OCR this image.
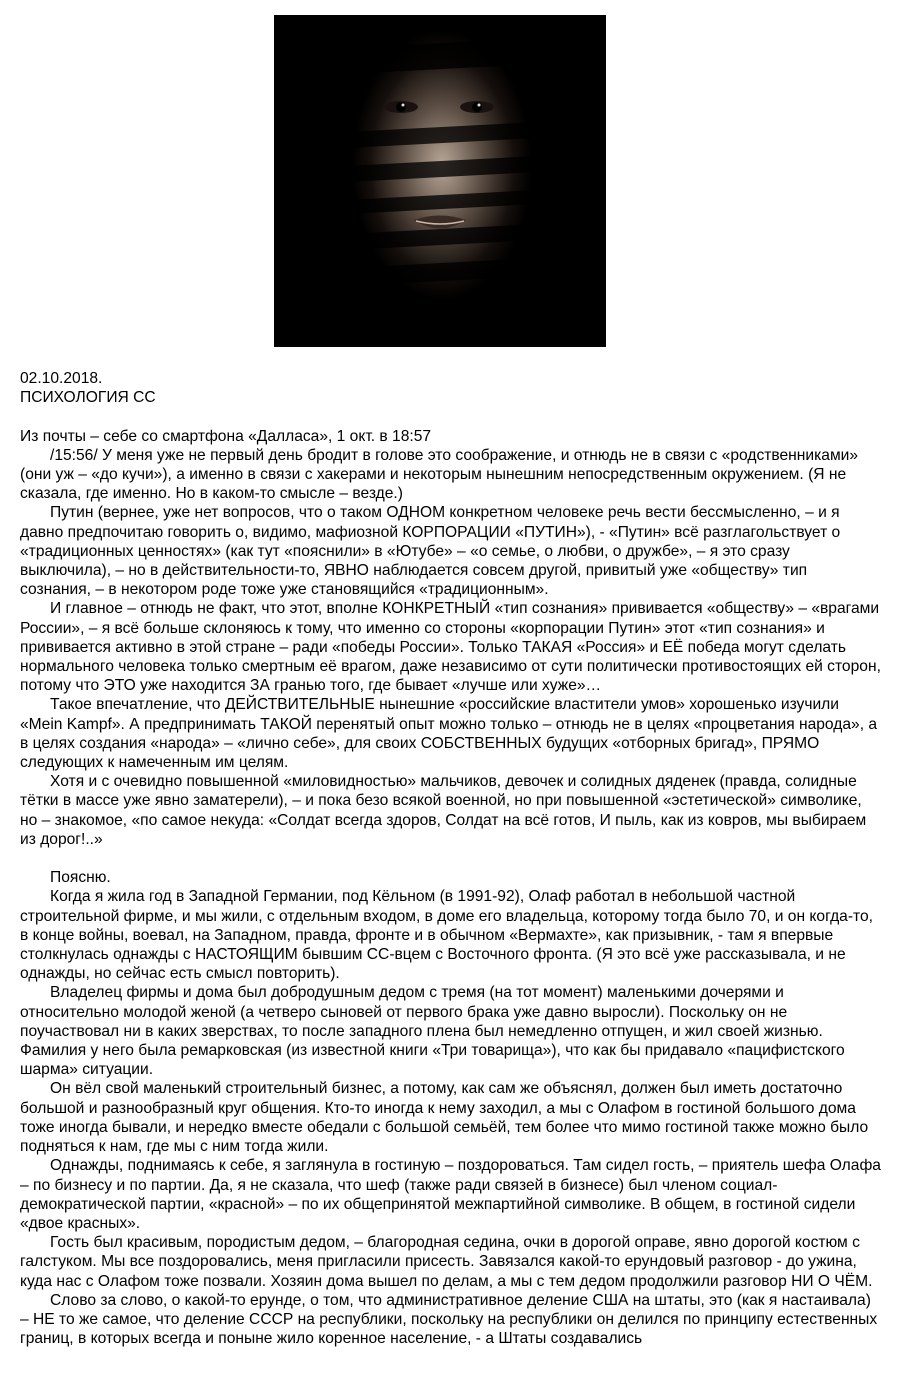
02.10.2018.

ПСИХОЛОГИЯ СС

Из почты – себе со смартфона «Далласа», 1 окт. в 18:57

/15:56/ У меня уже не первый день бродит в голове это соображение, и отнюдь не в связи с «родственниками» (они уж – «до кучи»), а именно в связи с хакерами и некоторым нынешним непосредственным окружением. (Я не сказала, где именно. Но в каком-то смысле – везде.)

Путин (вернее, уже нет вопросов, что о таком ОДНОМ конкретном человеке речь вести бессмысленно, – и я давно предпочитаю говорить о, видимо, мафиозной КОРПОРАЦИИ «ПУТИН»), - «Путин» всё разглагольствует о «традиционных ценностях» (как тут «пояснили» в «Ютубе» – «о семье, о любви, о дружбе», – я это сразу выключила), – но в действительности-то, ЯВНО наблюдается совсем другой, привитый уже «обществу» тип сознания, – в некотором роде тоже уже становящийся «традиционным».

И главное – отнюдь не факт, что этот, вполне КОНКРЕТНЫЙ «тип сознания» прививается «обществу» – «врагами России», – я всё больше склоняюсь к тому, что именно со стороны «корпорации Путин» этот «тип сознания» и прививается активно в этой стране – ради «победы России». Только ТАКАЯ «Россия» и ЕЁ победа могут сделать нормального человека только смертным её врагом, даже независимо от сути политически противостоящих ей сторон, потому что ЭТО уже находится ЗА гранью того, где бывает «лучше или хуже»…

Такое впечатление, что ДЕЙСТВИТЕЛЬНЫЕ нынешние «российские властители умов» хорошенько изучили «Mein Kampf». А предпринимать ТАКОЙ перенятый опыт можно только – отнюдь не в целях «процветания народа», а в целях создания «народа» – «лично себе», для своих СОБСТВЕННЫХ будущих «отборных бригад», ПРЯМО следующих к намеченным им целям.

Хотя и с очевидно повышенной «миловидностью» мальчиков, девочек и солидных дяденек (правда, солидные тётки в массе уже явно заматерели), – и пока безо всякой военной, но при повышенной «эстетической» символике, но – знакомое, «по самое некуда: «Солдат всегда здоров, Солдат на всё готов, И пыль, как из ковров, мы выбираем из дорог!..»

Поясню.

Когда я жила год в Западной Германии, под Кёльном (в 1991-92), Олаф работал в небольшой частной строительной фирме, и мы жили, с отдельным входом, в доме его владельца, которому тогда было 70, и он когда-то, в конце войны, воевал, на Западном, правда, фронте и в обычном «Вермахте», как призывник, - там я впервые столкнулась однажды с НАСТОЯЩИМ бывшим СС-вцем с Восточного фронта. (Я это всё уже рассказывала, и не однажды, но сейчас есть смысл повторить).

Владелец фирмы и дома был добродушным дедом с тремя (на тот момент) маленькими дочерями и относительно молодой женой (а четверо сыновей от первого брака уже давно выросли). Поскольку он не поучаствовал ни в каких зверствах, то после западного плена был немедленно отпущен, и жил своей жизнью. Фамилия у него была ремарковская (из известной книги «Три товарища»), что как бы придавало «пацифистского шарма» ситуации.

Он вёл свой маленький строительный бизнес, а потому, как сам же объяснял, должен был иметь достаточно большой и разнообразный круг общения. Кто-то иногда к нему заходил, а мы с Олафом в гостиной большого дома тоже иногда бывали, и нередко вместе обедали с большой семьёй, тем более что мимо гостиной также можно было подняться к нам, где мы с ним тогда жили.

Однажды, поднимаясь к себе, я заглянула в гостиную – поздороваться. Там сидел гость, – приятель шефа Олафа – по бизнесу и по партии. Да, я не сказала, что шеф (также ради связей в бизнесе) был членом социал-демократической партии, «красной» – по их общепринятой межпартийной символике. В общем, в гостиной сидели «двое красных».

Гость был красивым, породистым дедом, – благородная седина, очки в дорогой оправе, явно дорогой костюм с галстуком. Мы все поздоровались, меня пригласили присесть. Завязался какой-то ерундовый разговор - до ужина, куда нас с Олафом тоже позвали. Хозяин дома вышел по делам, а мы с тем дедом продолжили разговор НИ О ЧЁМ.

Слово за слово, о какой-то ерунде, о том, что административное деление США на штаты, это (как я настаивала) – НЕ то же самое, что деление СССР на республики, поскольку на республики он делился по принципу естественных границ, в которых всегда и поныне жило коренное население, - а Штаты создавались
